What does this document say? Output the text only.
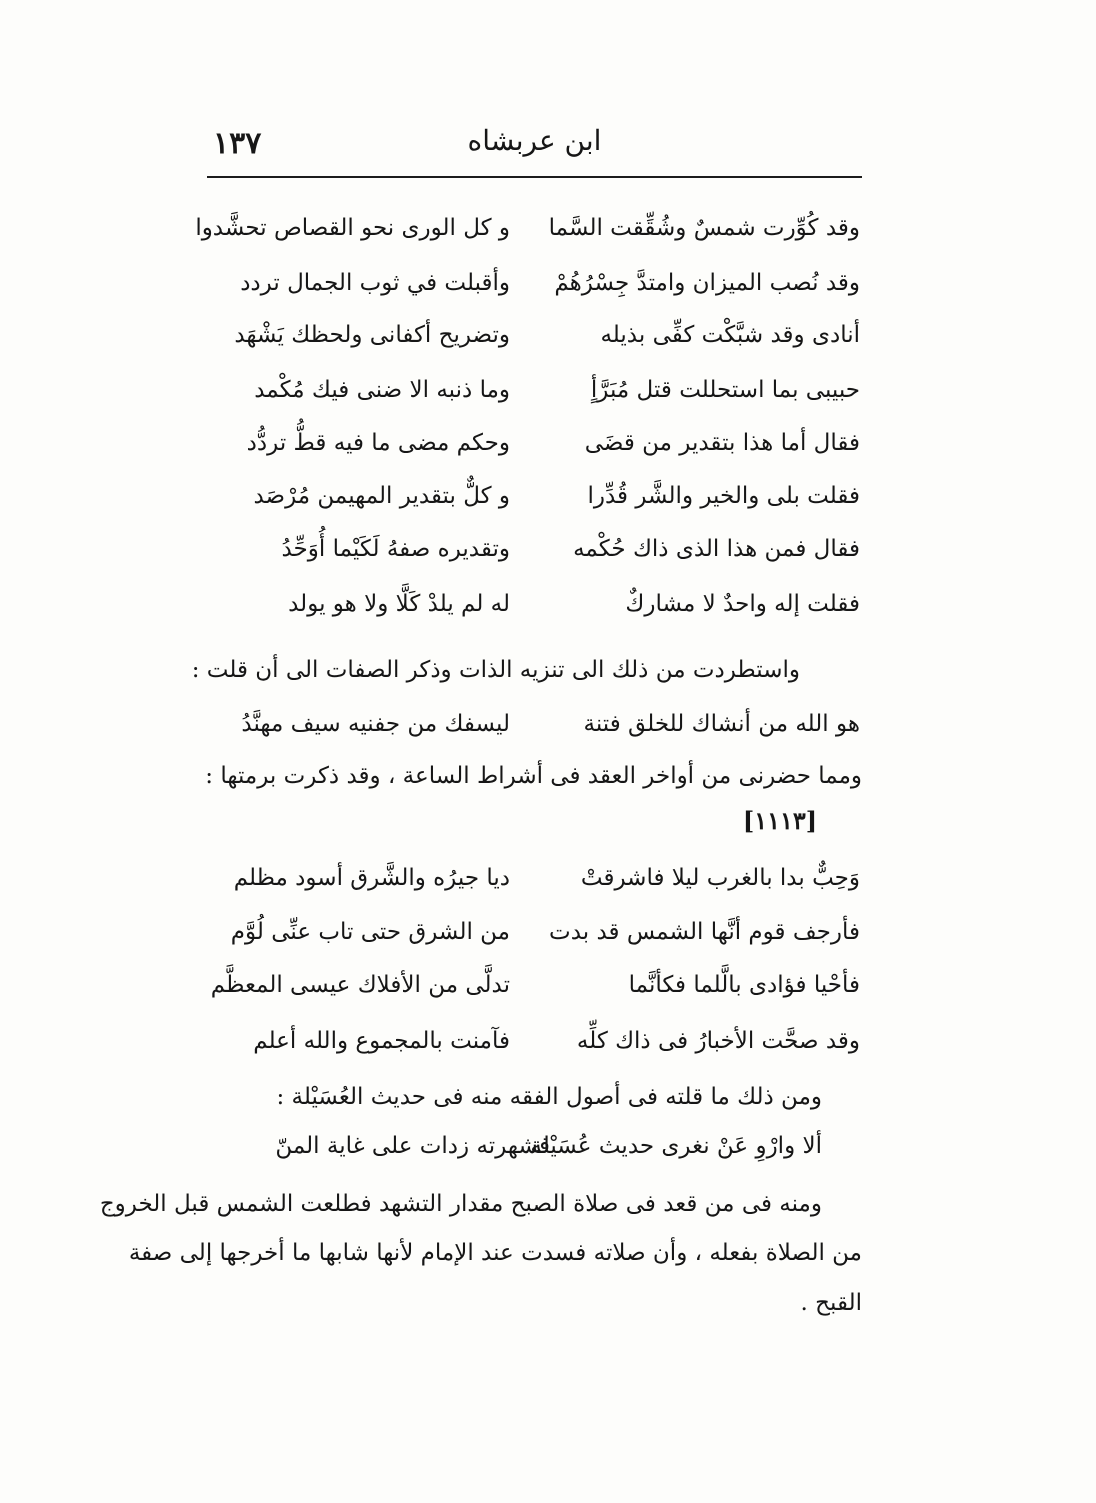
١٣٧	ابن عربشاه
وقد كُوِّرت شمسٌ وشُقِّقت السَّما
و كل الورى نحو القصاص تحشَّدوا
وقد نُصب الميزان وامتدَّ جِسْرُهُمْ
وأقبلت في ثوب الجمال تردد
أنادى وقد شبَّكْت كفِّى بذيله
وتضريح أكفانى ولحظك يَشْهَد
حبيبى بما استحللت قتل مُبَرَّأٍ
وما ذنبه الا ضنى فيك مُكْمد
فقال أما هذا بتقدير من قضَى
وحكم مضى ما فيه قطُّ تردُّد
فقلت بلى والخير والشَّر قُدِّرا
و كلٌّ بتقدير المهيمن مُرْصَد
فقال فمن هذا الذى ذاك حُكْمه
وتقديره صفهُ لَكَيْما أُوَحِّدُ
فقلت إله واحدٌ لا مشاركٌ
له لم يلدْ كَلَّا ولا هو يولد
واستطردت من ذلك الى تنزيه الذات وذكر الصفات الى أن قلت :
هو الله من أنشاك للخلق فتنة
ليسفك من جفنيه سيف مهنَّدُ
ومما حضرنى من أواخر العقد فى أشراط الساعة ، وقد ذكرت برمتها :
[١١١٣]
وَحِبٌّ بدا بالغرب ليلا فاشرقتْ
ديا جيرُه والشَّرق أسود مظلم
فأرجف قوم أنَّها الشمس قد بدت
من الشرق حتى تاب عنِّى لُوَّم
فأحْيا فؤادى بالَّلما فكأنَّما
تدلَّى من الأفلاك عيسى المعظَّم
وقد صحَّت الأخبارُ فى ذاك كلِّه
فآمنت بالمجموع والله أعلم
ومن ذلك ما قلته فى أصول الفقه منه فى حديث العُسَيْلة :
ألا وارْوِ عَنْ نغرى حديث عُسَيْلة
فشهرته زدات على غاية المنّ
ومنه فى من قعد فى صلاة الصبح مقدار التشهد فطلعت الشمس قبل الخروج
من الصلاة بفعله ، وأن صلاته فسدت عند الإمام لأنها شابها ما أخرجها إلى صفة
القبح .
